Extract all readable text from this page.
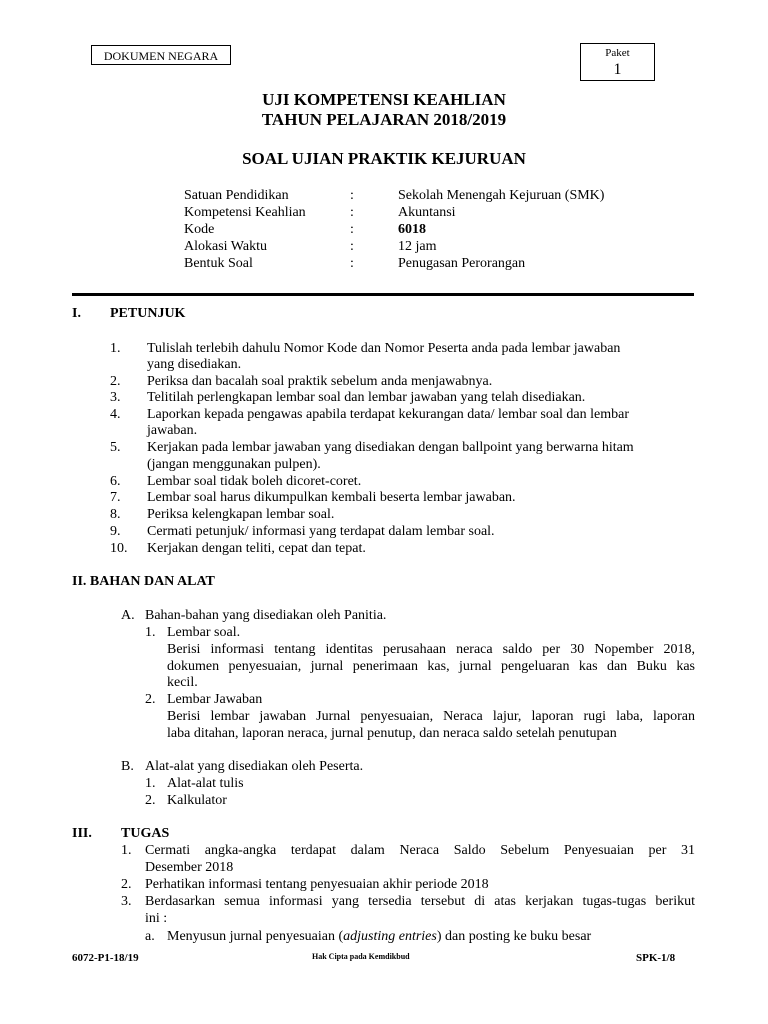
DOKUMEN NEGARA	Paket
1
UJI KOMPETENSI KEAHLIAN
TAHUN PELAJARAN 2018/2019
SOAL UJIAN PRAKTIK KEJURUAN
Satuan Pendidikan	:	Sekolah Menengah Kejuruan (SMK)
Kompetensi Keahlian	:	Akuntansi
Kode	:	6018
Alokasi Waktu	:	12 jam
Bentuk Soal	:	Penugasan Perorangan
I. PETUNJUK
1. Tulislah terlebih dahulu Nomor Kode dan Nomor Peserta anda pada lembar jawaban
yang disediakan.
2. Periksa dan bacalah soal praktik sebelum anda menjawabnya.
3. Telitilah perlengkapan lembar soal dan lembar jawaban yang telah disediakan.
4. Laporkan kepada pengawas apabila terdapat kekurangan data/ lembar soal dan lembar
jawaban.
5. Kerjakan pada lembar jawaban yang disediakan dengan ballpoint yang berwarna hitam
(jangan menggunakan pulpen).
6. Lembar soal tidak boleh dicoret-coret.
7. Lembar soal harus dikumpulkan kembali beserta lembar jawaban.
8. Periksa kelengkapan lembar soal.
9. Cermati petunjuk/ informasi yang terdapat dalam lembar soal.
10. Kerjakan dengan teliti, cepat dan tepat.
II. BAHAN DAN ALAT
A. Bahan-bahan yang disediakan oleh Panitia.
1. Lembar soal.
Berisi informasi tentang identitas perusahaan neraca saldo per 30 Nopember 2018,
dokumen penyesuaian, jurnal penerimaan kas, jurnal pengeluaran kas dan Buku kas
kecil.
2. Lembar Jawaban
Berisi lembar jawaban Jurnal penyesuaian, Neraca lajur, laporan rugi laba, laporan
laba ditahan, laporan neraca, jurnal penutup, dan neraca saldo setelah penutupan
B. Alat-alat yang disediakan oleh Peserta.
1. Alat-alat tulis
2. Kalkulator
III. TUGAS
1. Cermati angka-angka terdapat dalam Neraca Saldo Sebelum Penyesuaian per 31
Desember 2018
2. Perhatikan informasi tentang penyesuaian akhir periode 2018
3. Berdasarkan semua informasi yang tersedia tersebut di atas kerjakan tugas-tugas berikut
ini :
a. Menyusun jurnal penyesuaian (adjusting entries) dan posting ke buku besar
6072-P1-18/19	Hak Cipta pada Kemdikbud	SPK-1/8
